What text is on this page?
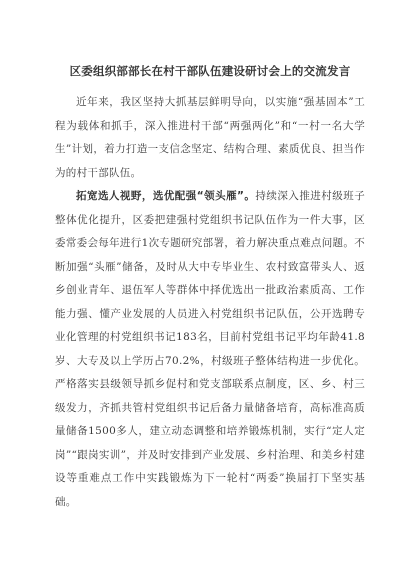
区委组织部部长在村干部队伍建设研讨会上的交流发言

近年来，我区坚持大抓基层鲜明导向，以实施“强基固本”工程为载体和抓手，深入推进村干部“两强两化”和“一村一名大学生”计划，着力打造一支信念坚定、结构合理、素质优良、担当作为的村干部队伍。

拓宽选人视野，选优配强“领头雁”。持续深入推进村级班子整体优化提升，区委把建强村党组织书记队伍作为一件大事，区委常委会每年进行1次专题研究部署，着力解决重点难点问题。不断加强“头雁”储备，及时从大中专毕业生、农村致富带头人、返乡创业青年、退伍军人等群体中择优选出一批政治素质高、工作能力强、懂产业发展的人员进入村党组织书记队伍，公开选聘专业化管理的村党组织书记183名，目前村党组书记平均年龄41.8岁、大专及以上学历占70.2%，村级班子整体结构进一步优化。严格落实县级领导抓乡促村和党支部联系点制度，区、乡、村三级发力，齐抓共管村党组织书记后备力量储备培育，高标准高质量储备1500多人，建立动态调整和培养锻炼机制，实行“定人定岗”“跟岗实训”，并及时安排到产业发展、乡村治理、和美乡村建设等重难点工作中实践锻炼为下一轮村“两委”换届打下坚实基础。
